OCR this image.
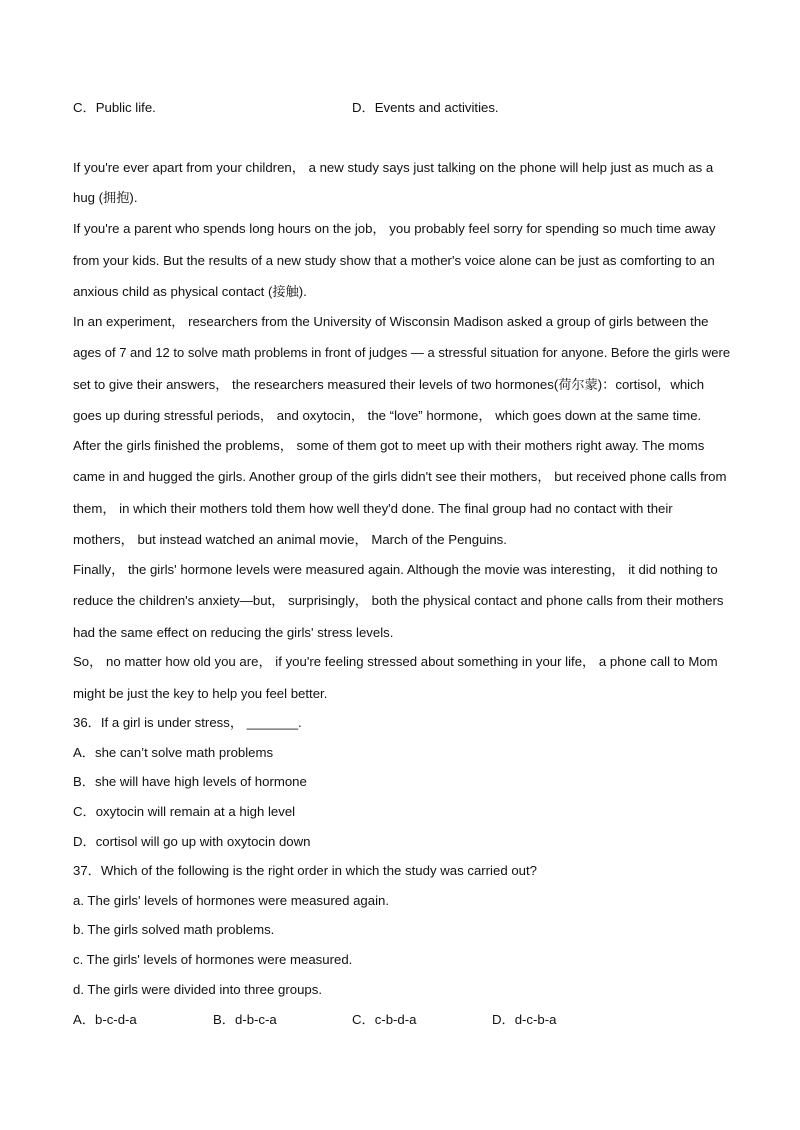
C．Public life.	D．Events and activities.
If you're ever apart from your children， a new study says just talking on the phone will help just as much as a
hug (拥抱).
If you're a parent who spends long hours on the job， you probably feel sorry for spending so much time away
from your kids. But the results of a new study show that a mother's voice alone can be just as comforting to an
anxious child as physical contact (接触).
In an experiment， researchers from the University of Wisconsin Madison asked a group of girls between the
ages of 7 and 12 to solve math problems in front of judges — a stressful situation for anyone. Before the girls were
set to give their answers， the researchers measured their levels of two hormones(荷尔蒙)：cortisol，which
goes up during stressful periods， and oxytocin， the “love” hormone， which goes down at the same time.
After the girls finished the problems， some of them got to meet up with their mothers right away. The moms
came in and hugged the girls. Another group of the girls didn't see their mothers， but received phone calls from
them， in which their mothers told them how well they'd done. The final group had no contact with their
mothers， but instead watched an animal movie， March of the Penguins.
Finally， the girls' hormone levels were measured again. Although the movie was interesting， it did nothing to
reduce the children's anxiety—but， surprisingly， both the physical contact and phone calls from their mothers
had the same effect on reducing the girls' stress levels.
So， no matter how old you are， if you're feeling stressed about something in your life， a phone call to Mom
might be just the key to help you feel better.
36．If a girl is under stress， _______.
A．she can’t solve math problems
B．she will have high levels of hormone
C．oxytocin will remain at a high level
D．cortisol will go up with oxytocin down
37．Which of the following is the right order in which the study was carried out?
a. The girls' levels of hormones were measured again.
b. The girls solved math problems.
c. The girls' levels of hormones were measured.
d. The girls were divided into three groups.
A．b-c-d-a	B．d-b-c-a	C．c-b-d-a	D．d-c-b-a
